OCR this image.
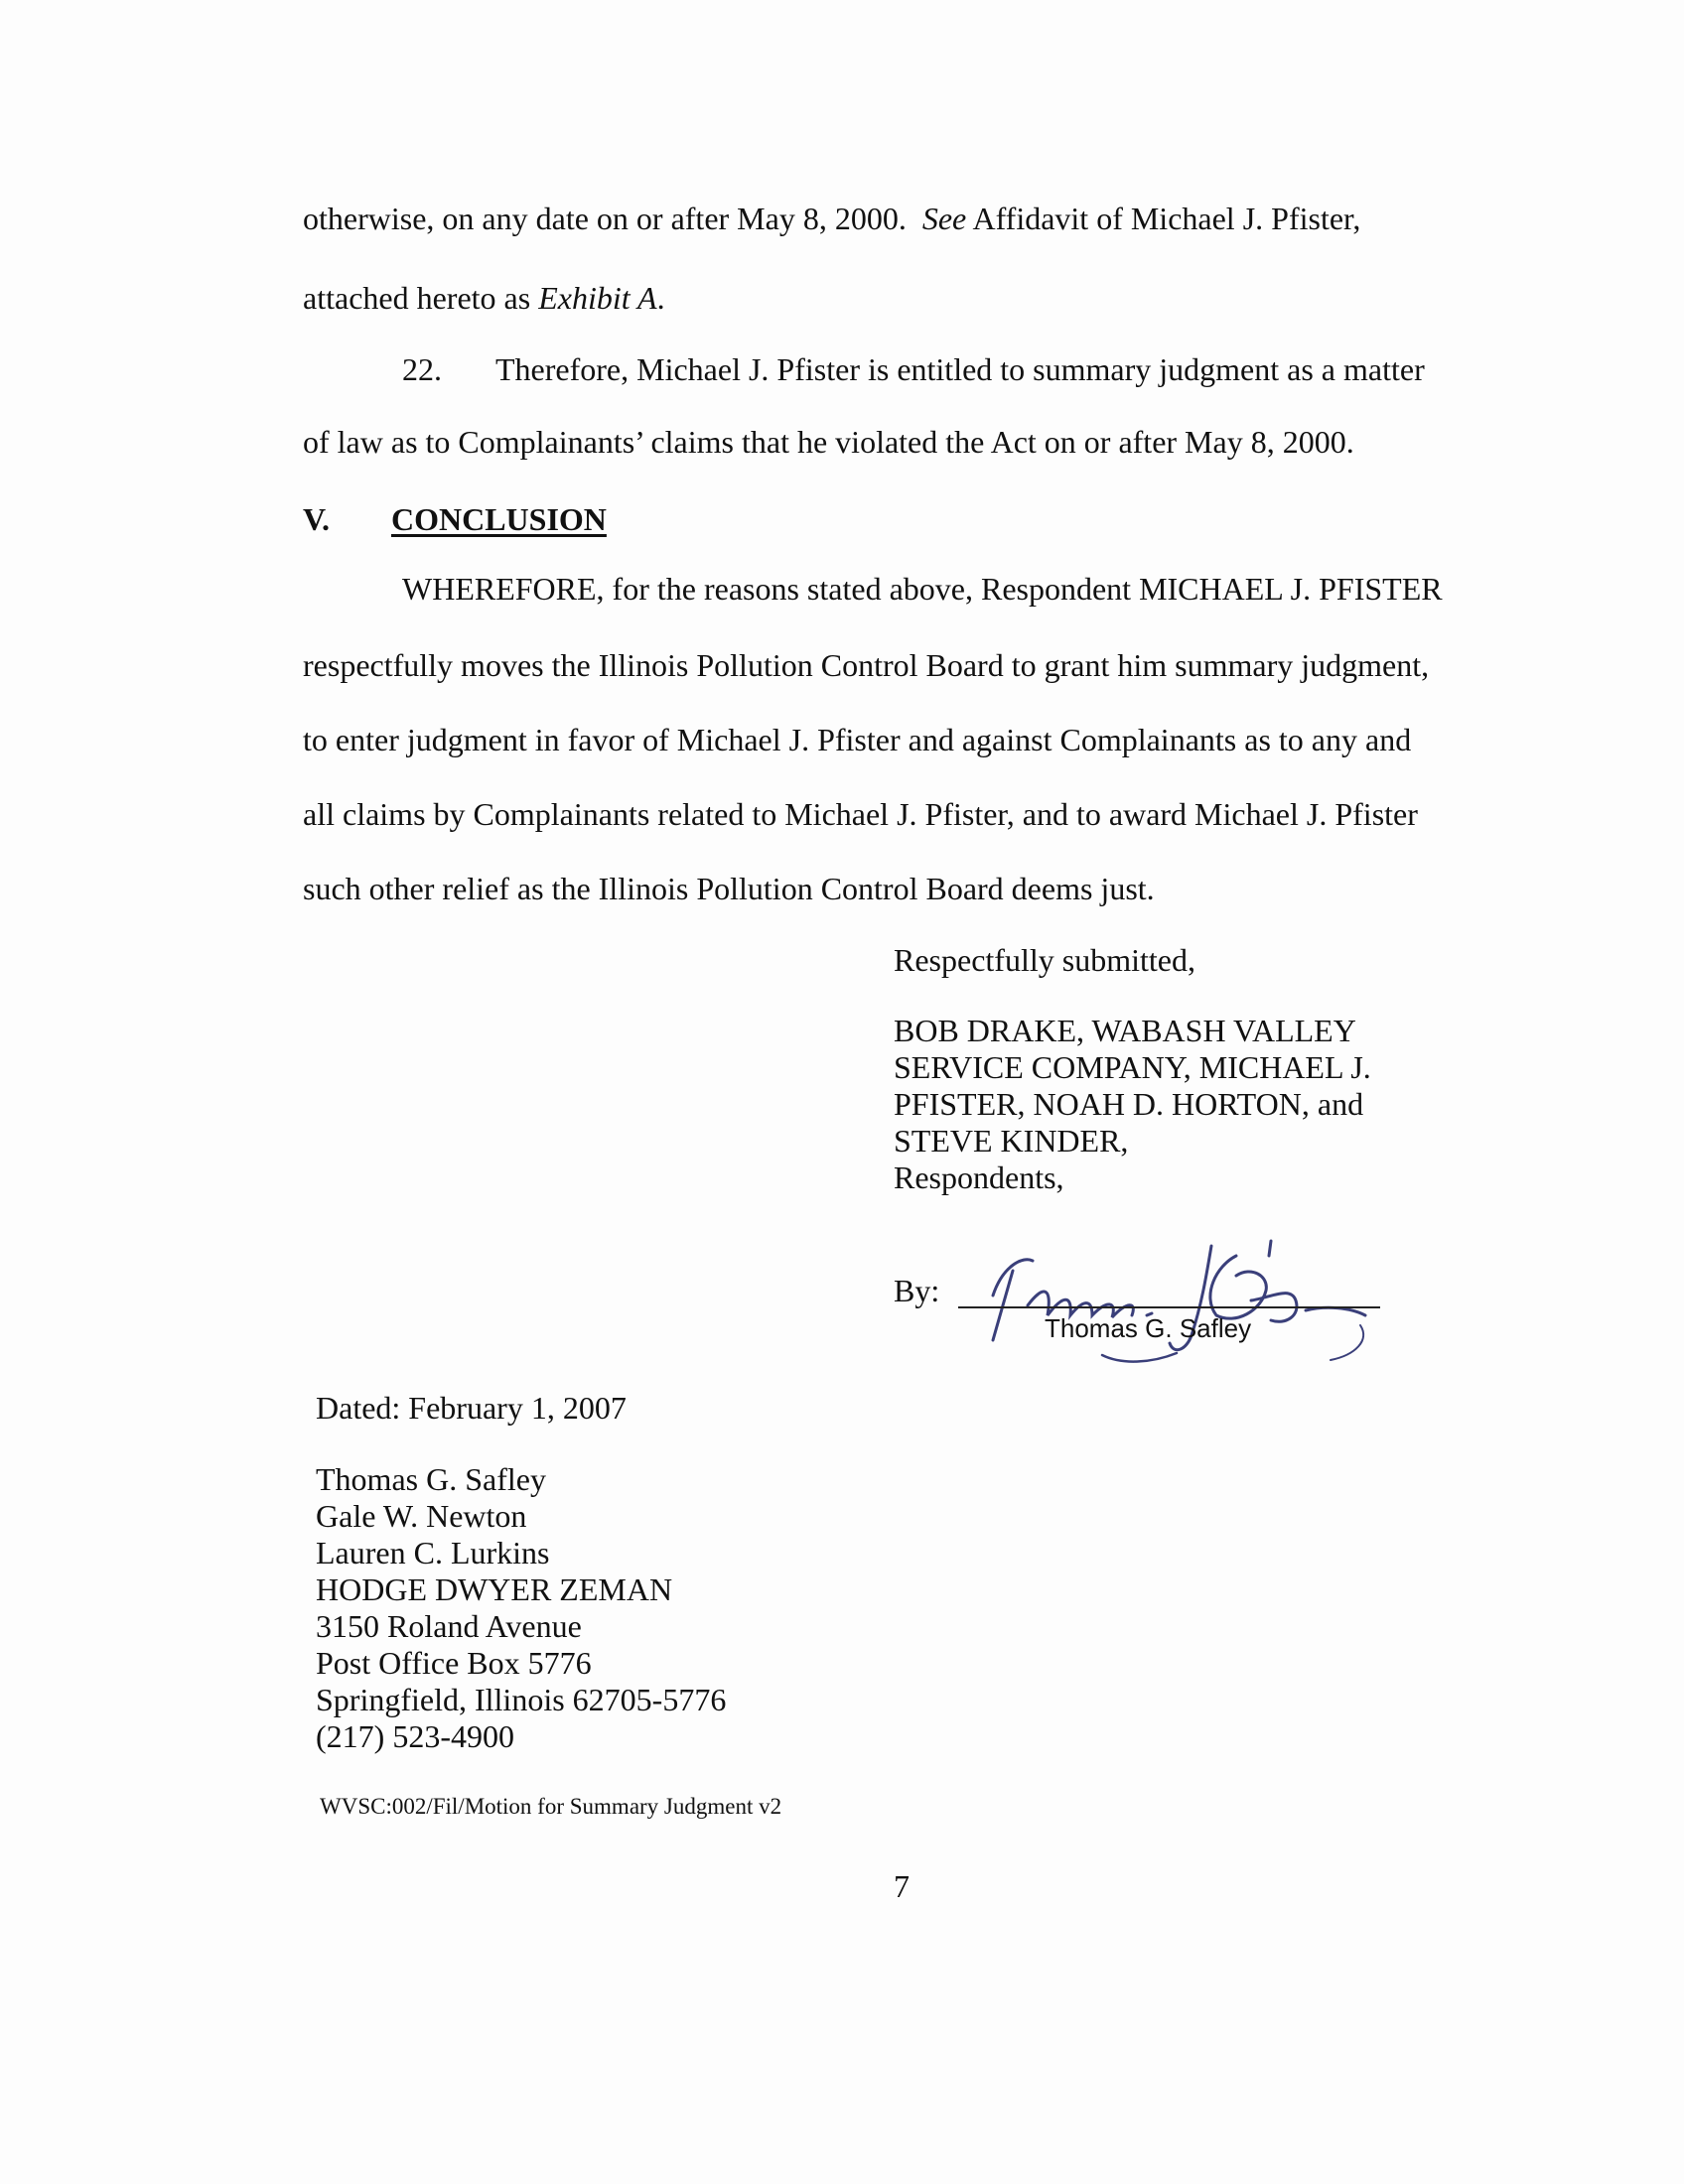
otherwise, on any date on or after May 8, 2000. See Affidavit of Michael J. Pfister,
attached hereto as Exhibit A.
22. Therefore, Michael J. Pfister is entitled to summary judgment as a matter
of law as to Complainants’ claims that he violated the Act on or after May 8, 2000.
V. CONCLUSION
WHEREFORE, for the reasons stated above, Respondent MICHAEL J. PFISTER
respectfully moves the Illinois Pollution Control Board to grant him summary judgment,
to enter judgment in favor of Michael J. Pfister and against Complainants as to any and
all claims by Complainants related to Michael J. Pfister, and to award Michael J. Pfister
such other relief as the Illinois Pollution Control Board deems just.
Respectfully submitted,
BOB DRAKE, WABASH VALLEY
SERVICE COMPANY, MICHAEL J.
PFISTER, NOAH D. HORTON, and
STEVE KINDER,
Respondents,
By:
Thomas G. Safley
Dated: February 1, 2007
Thomas G. Safley
Gale W. Newton
Lauren C. Lurkins
HODGE DWYER ZEMAN
3150 Roland Avenue
Post Office Box 5776
Springfield, Illinois 62705-5776
(217) 523-4900
WVSC:002/Fil/Motion for Summary Judgment v2
7
